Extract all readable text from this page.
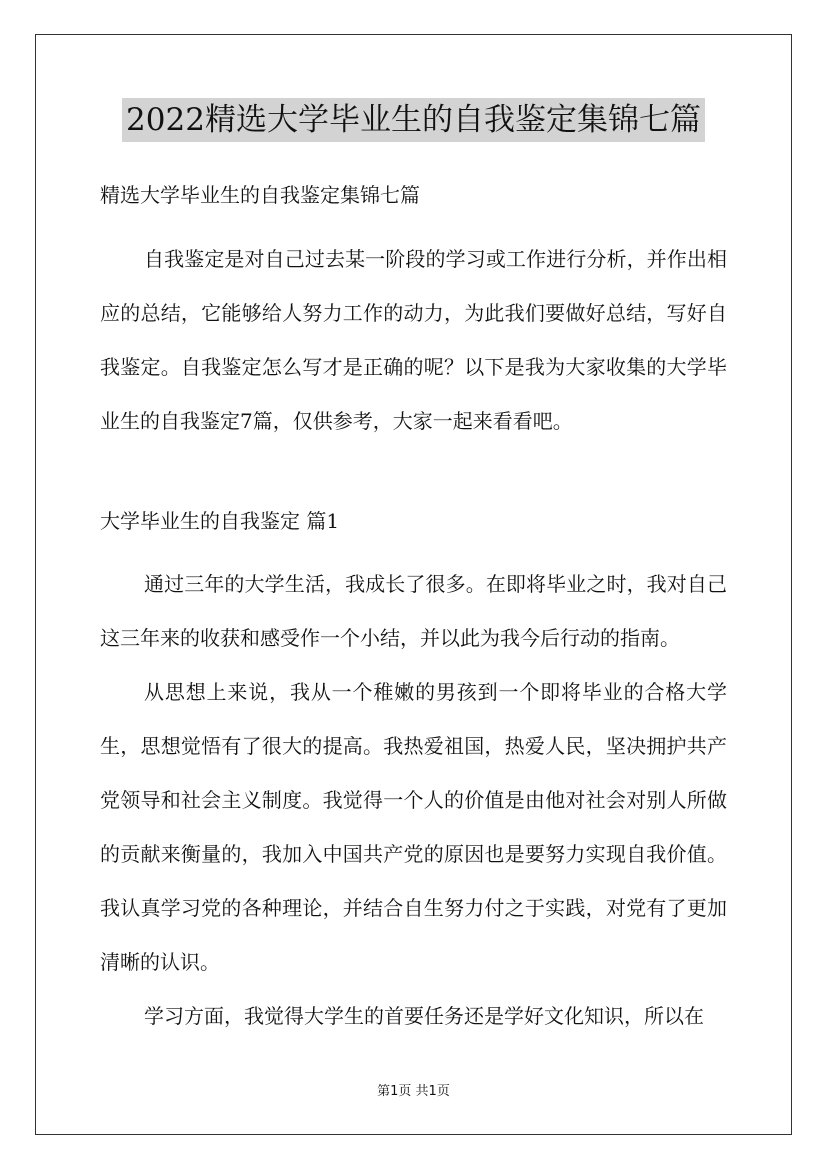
2022精选大学毕业生的自我鉴定集锦七篇

精选大学毕业生的自我鉴定集锦七篇

自我鉴定是对自己过去某一阶段的学习或工作进行分析，并作出相应的总结，它能够给人努力工作的动力，为此我们要做好总结，写好自我鉴定。自我鉴定怎么写才是正确的呢？以下是我为大家收集的大学毕业生的自我鉴定7篇，仅供参考，大家一起来看看吧。

大学毕业生的自我鉴定 篇1

通过三年的大学生活，我成长了很多。在即将毕业之时，我对自己这三年来的收获和感受作一个小结，并以此为我今后行动的指南。

从思想上来说，我从一个稚嫩的男孩到一个即将毕业的合格大学生，思想觉悟有了很大的提高。我热爱祖国，热爱人民，坚决拥护共产党领导和社会主义制度。我觉得一个人的价值是由他对社会对别人所做的贡献来衡量的，我加入中国共产党的原因也是要努力实现自我价值。我认真学习党的各种理论，并结合自生努力付之于实践，对党有了更加清晰的认识。

学习方面，我觉得大学生的首要任务还是学好文化知识，所以在

第1页 共1页
